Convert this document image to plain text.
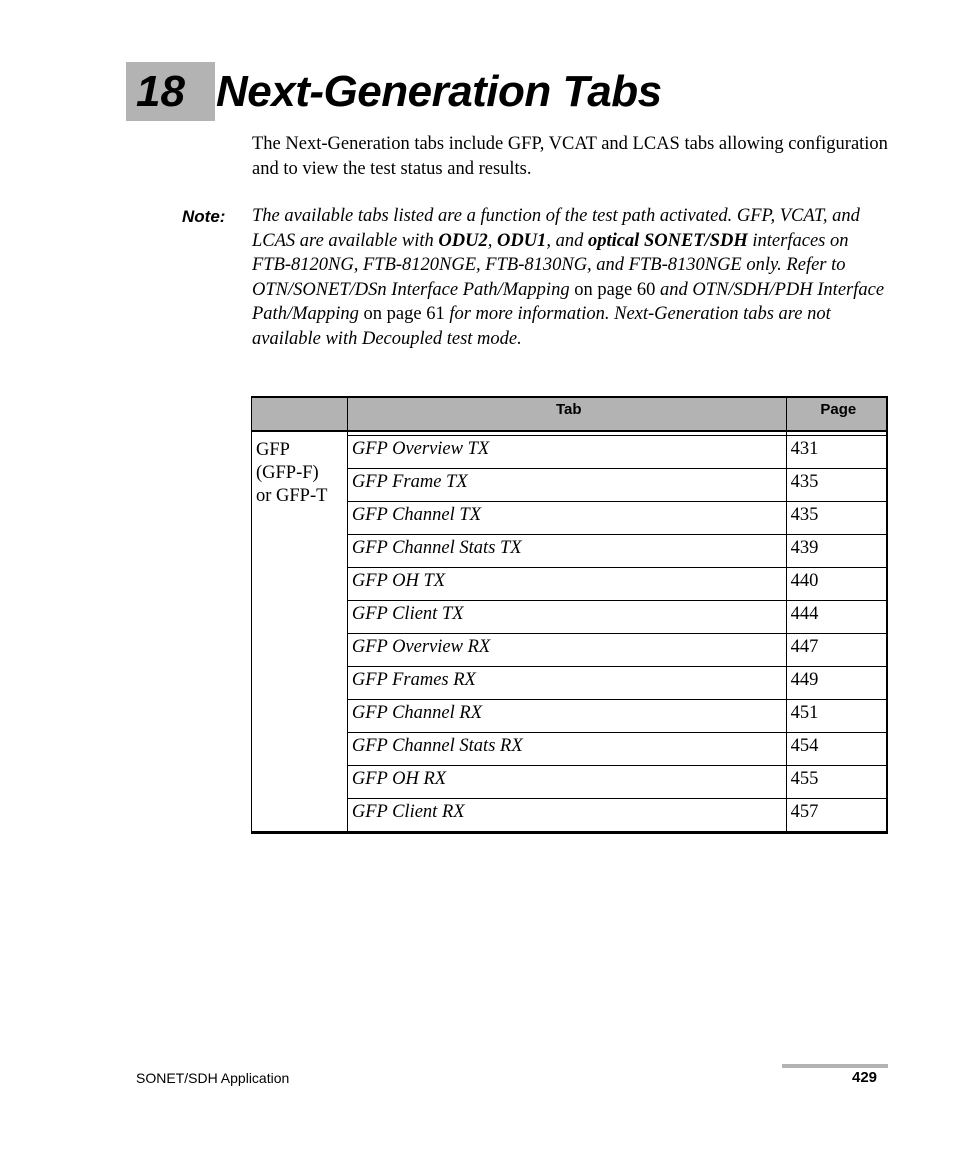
18 Next-Generation Tabs
The Next-Generation tabs include GFP, VCAT and LCAS tabs allowing configuration and to view the test status and results.
Note: The available tabs listed are a function of the test path activated. GFP, VCAT, and LCAS are available with ODU2, ODU1, and optical SONET/SDH interfaces on FTB-8120NG, FTB-8120NGE, FTB-8130NG, and FTB-8130NGE only. Refer to OTN/SONET/DSn Interface Path/Mapping on page 60 and OTN/SDH/PDH Interface Path/Mapping on page 61 for more information. Next-Generation tabs are not available with Decoupled test mode.
	Tab	Page

GFP
(GFP-F)
or GFP-T	GFP Overview TX	431
	GFP Frame TX	435
	GFP Channel TX	435
	GFP Channel Stats TX	439
	GFP OH TX	440
	GFP Client TX	444
	GFP Overview RX	447
	GFP Frames RX	449
	GFP Channel RX	451
	GFP Channel Stats RX	454
	GFP OH RX	455
	GFP Client RX	457
SONET/SDH Application	429
